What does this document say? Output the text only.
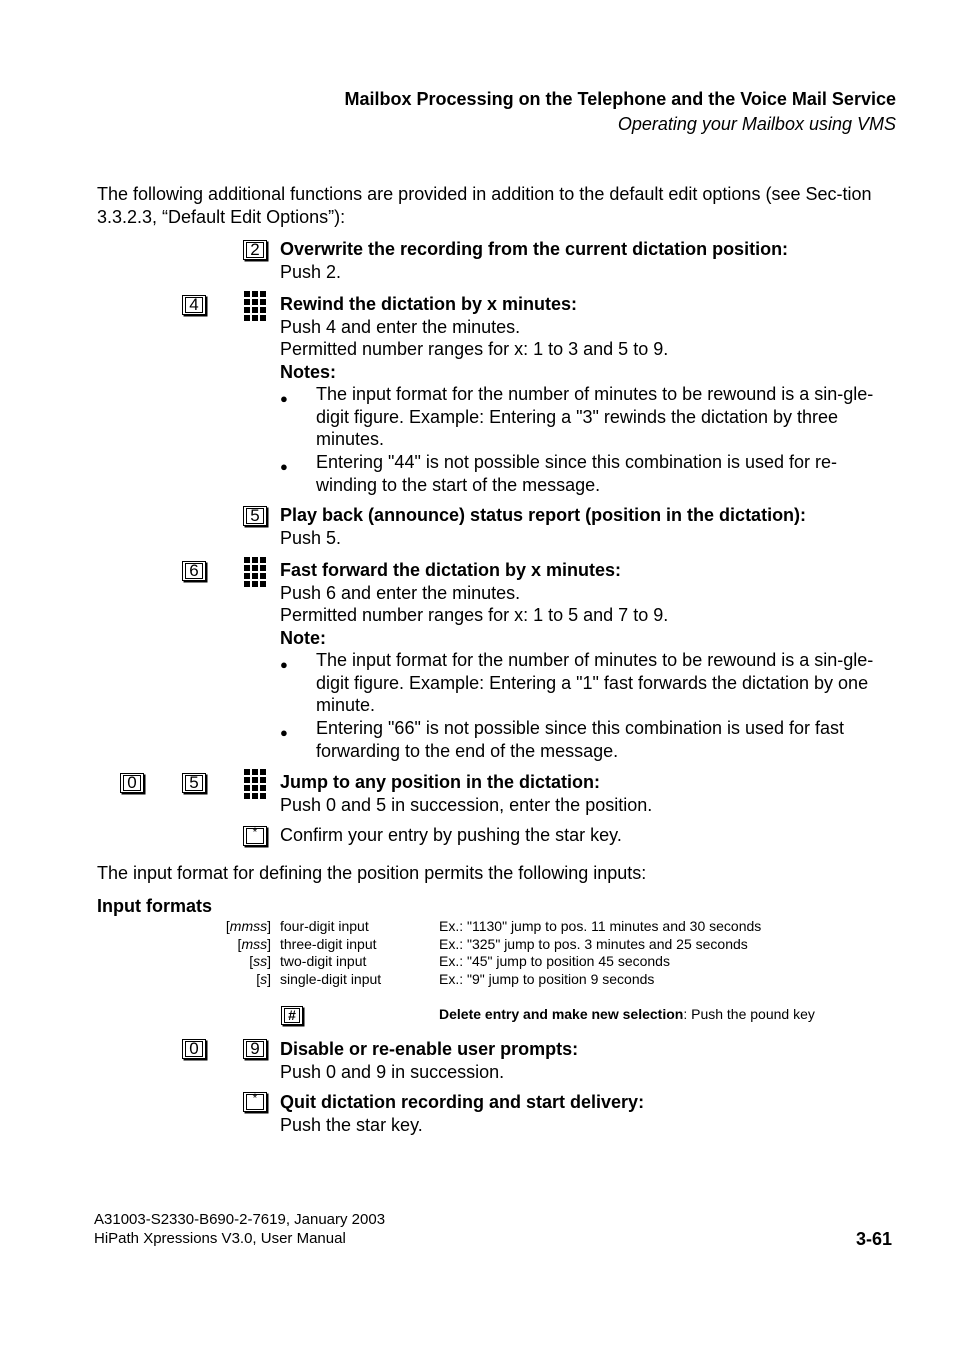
Mailbox Processing on the Telephone and the Voice Mail Service
Operating your Mailbox using VMS
The following additional functions are provided in addition to the default edit options (see Sec-tion 3.3.2.3, “Default Edit Options”):
2	Overwrite the recording from the current dictation position:
Push 2.
4	Rewind the dictation by x minutes:
Push 4 and enter the minutes.
Permitted number ranges for x: 1 to 3 and 5 to 9.
Notes:
● The input format for the number of minutes to be rewound is a sin-gle-digit figure. Example: Entering a "3" rewinds the dictation by three minutes.
● Entering "44" is not possible since this combination is used for re-winding to the start of the message.
5	Play back (announce) status report (position in the dictation):
Push 5.
6	Fast forward the dictation by x minutes:
Push 6 and enter the minutes.
Permitted number ranges for x: 1 to 5 and 7 to 9.
Note:
● The input format for the number of minutes to be rewound is a sin-gle-digit figure. Example: Entering a "1" fast forwards the dictation by one minute.
● Entering "66" is not possible since this combination is used for fast forwarding to the end of the message.
0	5	Jump to any position in the dictation:
Push 0 and 5 in succession, enter the position.
*	Confirm your entry by pushing the star key.
The input format for defining the position permits the following inputs:
Input formats
[mmss] four-digit input	Ex.: "1130" jump to pos. 11 minutes and 30 seconds
[mss] three-digit input	Ex.: "325" jump to pos. 3 minutes and 25 seconds
[ss] two-digit input	Ex.: "45" jump to position 45 seconds
[s] single-digit input	Ex.: "9" jump to position 9 seconds
#	Delete entry and make new selection: Push the pound key
0	9	Disable or re-enable user prompts:
Push 0 and 9 in succession.
*	Quit dictation recording and start delivery:
Push the star key.
A31003-S2330-B690-2-7619, January 2003
HiPath Xpressions V3.0, User Manual	3-61
